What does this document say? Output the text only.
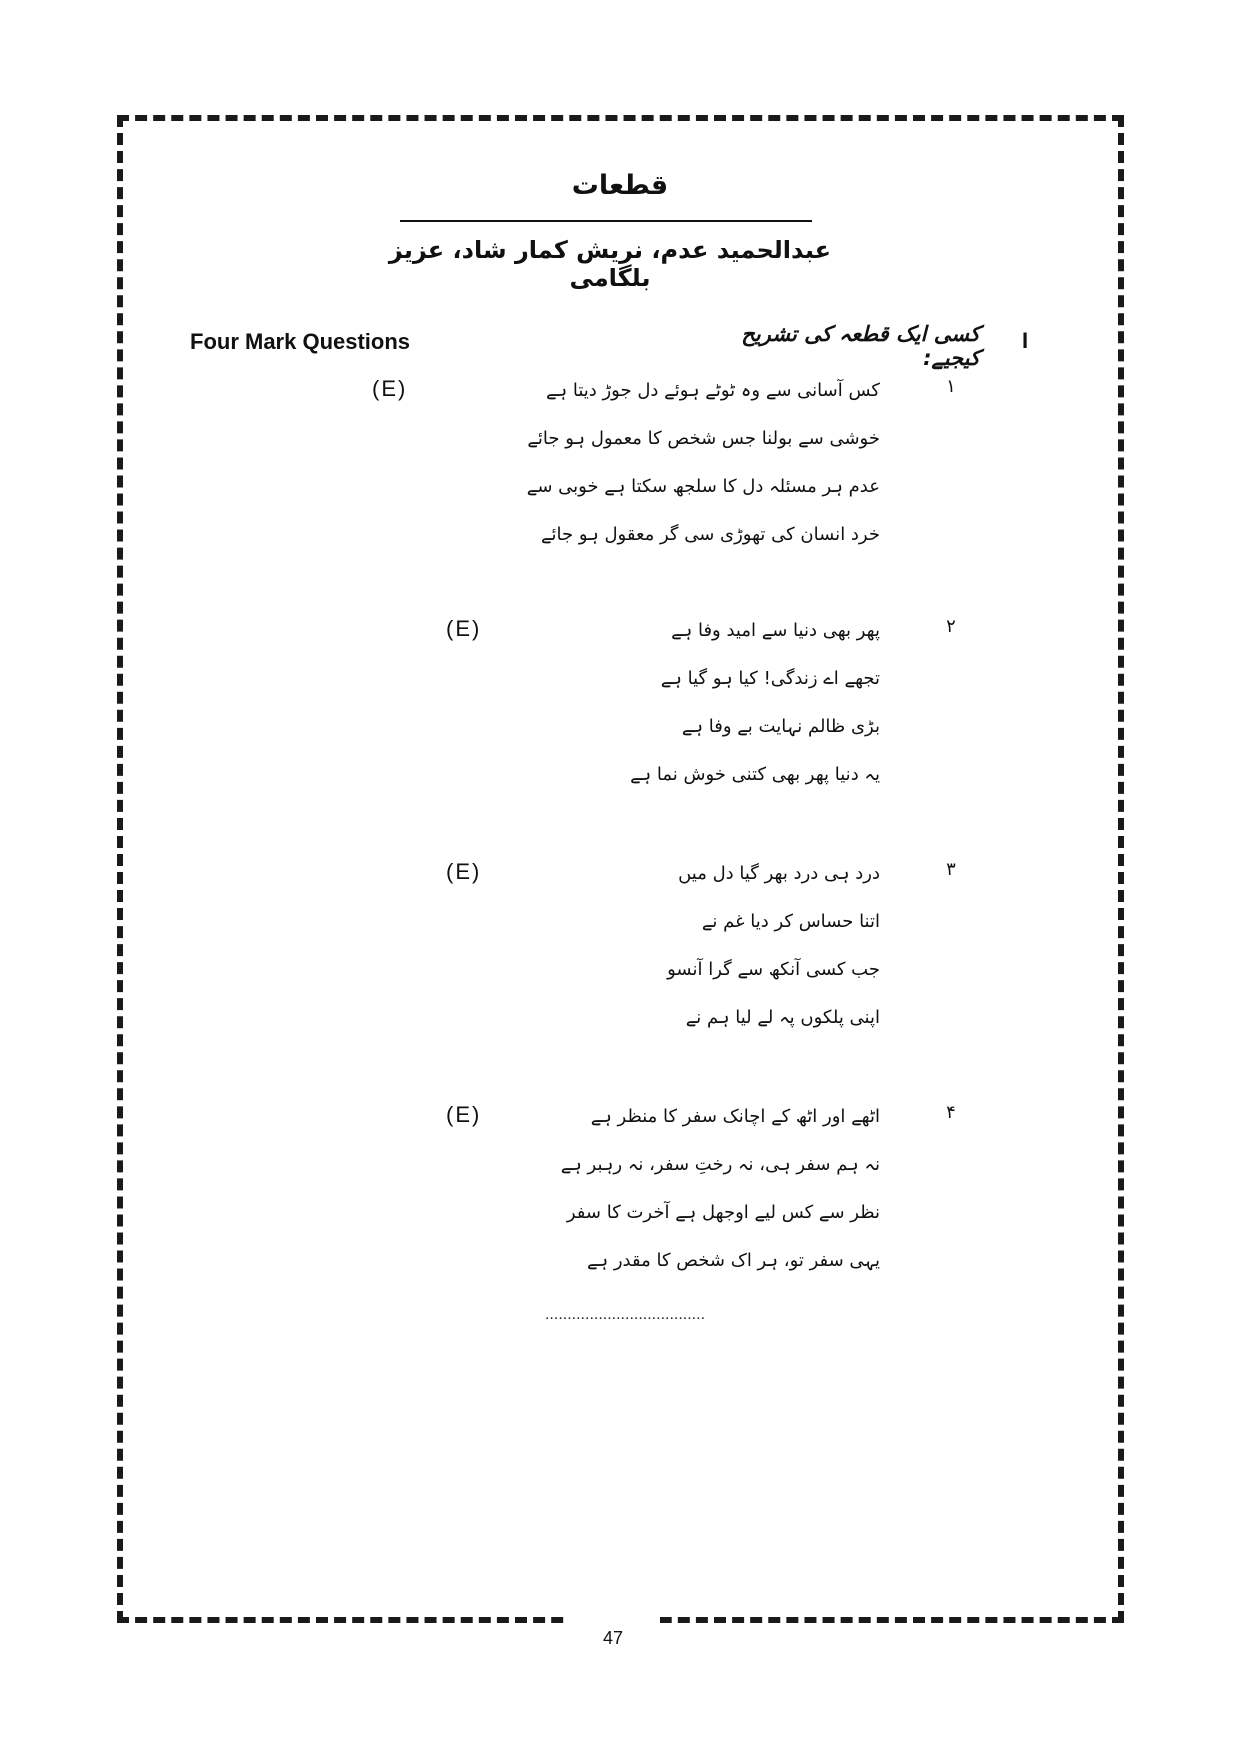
47
قطعات
عبدالحمید عدم، نریش کمار شاد، عزیز بلگامی
I
کسی ایک قطعہ کی تشریح کیجیے:
Four Mark Questions
۱
(E)	کس آسانی سے وہ ٹوٹے ہوئے دل جوڑ دیتا ہے
خوشی سے بولنا جس شخص کا معمول ہو جائے
عدم ہر مسئلہ دل کا سلجھ سکتا ہے خوبی سے
خرد انسان کی تھوڑی سی گر معقول ہو جائے
۲
(E)	پھر بھی دنیا سے امید وفا ہے
تجھے اے زندگی! کیا ہو گیا ہے
بڑی ظالم نہایت بے وفا ہے
یہ دنیا پھر بھی کتنی خوش نما ہے
۳
(E)	درد ہی درد بھر گیا دل میں
اتنا حساس کر دیا غم نے
جب کسی آنکھ سے گرا آنسو
اپنی پلکوں پہ لے لیا ہم نے
۴
(E)	اٹھے اور اٹھ کے اچانک سفر کا منظر ہے
نہ ہم سفر ہی، نہ رختِ سفر، نہ رہبر ہے
نظر سے کس لیے اوجھل ہے آخرت کا سفر
یہی سفر تو، ہر اک شخص کا مقدر ہے
....................................
